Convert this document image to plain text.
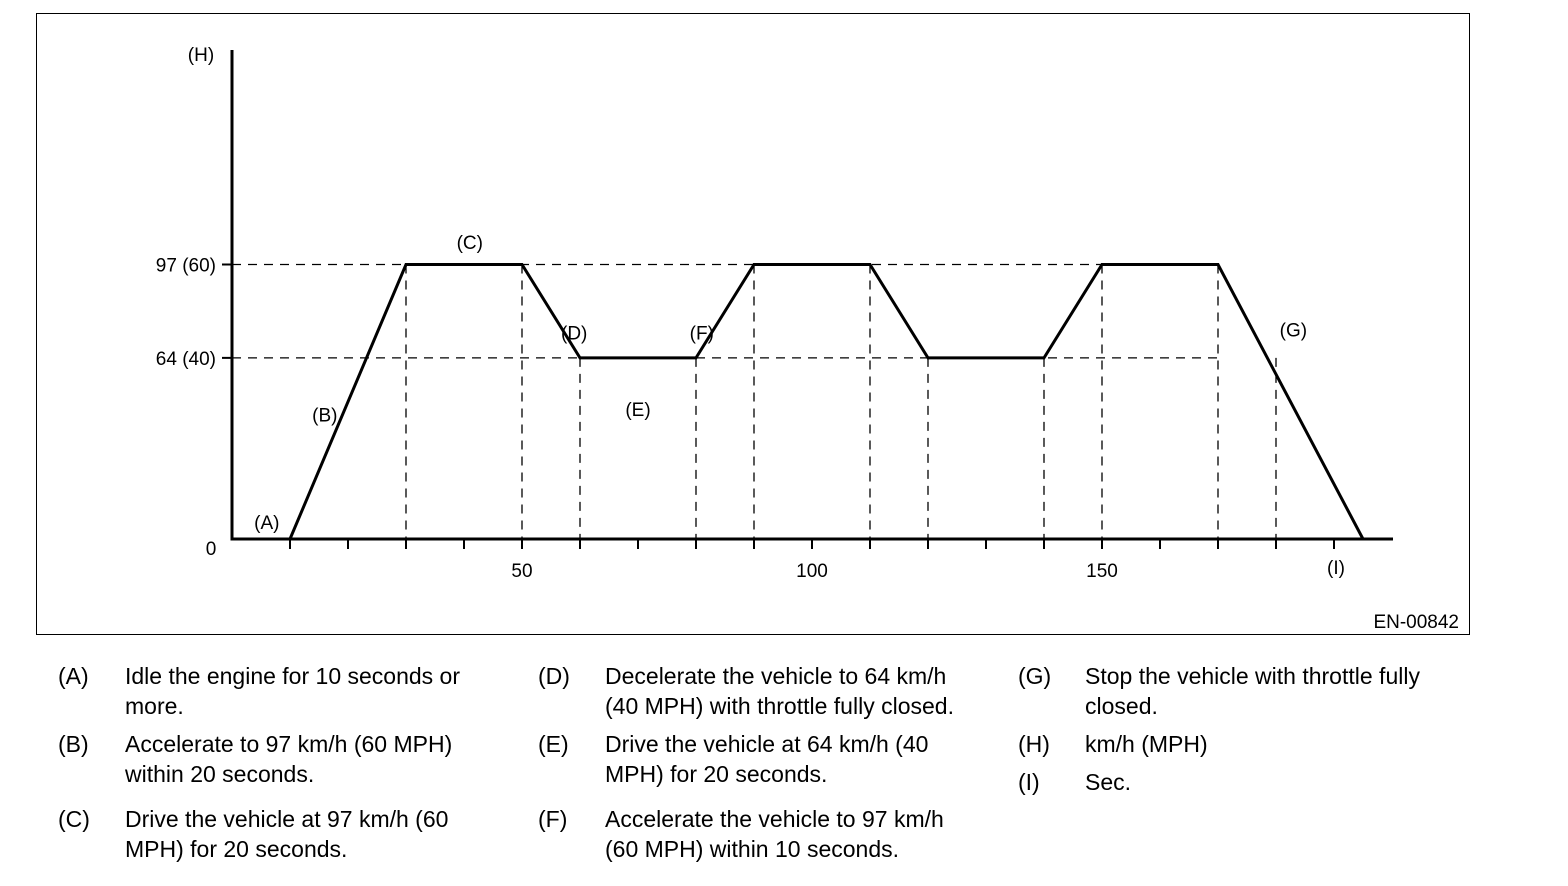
50	100	150
0
64 (40)
97 (60)
(H)
(I)
(A)
(B)
(C)
(D)
(E)
(F)	(G)
EN-00842
(A) Idle the engine for 10 seconds or
more.
(B) Accelerate to 97 km/h (60 MPH)
within 20 seconds.
(C) Drive the vehicle at 97 km/h (60
MPH) for 20 seconds.
(D) Decelerate the vehicle to 64 km/h
(40 MPH) with throttle fully closed.
(E) Drive the vehicle at 64 km/h (40
MPH) for 20 seconds.
(F) Accelerate the vehicle to 97 km/h
(60 MPH) within 10 seconds.
(G) Stop the vehicle with throttle fully
closed.
(H) km/h (MPH)
(I) Sec.
